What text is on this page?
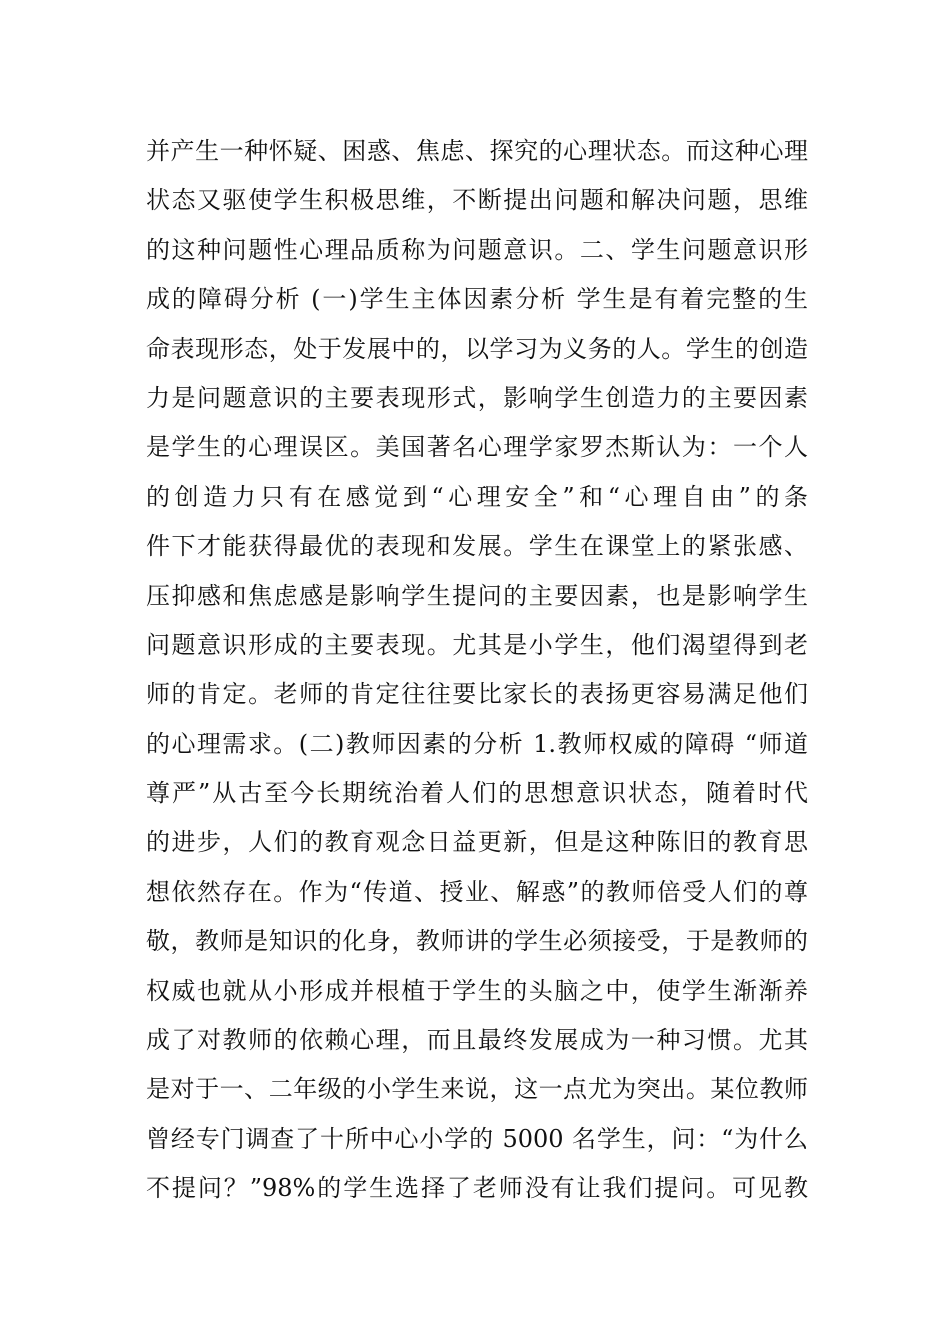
并产生一种怀疑、困惑、焦虑、探究的心理状态。而这种心理
状态又驱使学生积极思维，不断提出问题和解决问题，思维
的这种问题性心理品质称为问题意识。二、学生问题意识形
成的障碍分析 (一)学生主体因素分析 学生是有着完整的生
命表现形态，处于发展中的，以学习为义务的人。学生的创造
力是问题意识的主要表现形式，影响学生创造力的主要因素
是学生的心理误区。美国著名心理学家罗杰斯认为：一个人
的创造力只有在感觉到“心理安全”和“心理自由”的条
件下才能获得最优的表现和发展。学生在课堂上的紧张感、
压抑感和焦虑感是影响学生提问的主要因素，也是影响学生
问题意识形成的主要表现。尤其是小学生，他们渴望得到老
师的肯定。老师的肯定往往要比家长的表扬更容易满足他们
的心理需求。(二)教师因素的分析 1.教师权威的障碍 “师道
尊严”从古至今长期统治着人们的思想意识状态，随着时代
的进步，人们的教育观念日益更新，但是这种陈旧的教育思
想依然存在。作为“传道、授业、解惑”的教师倍受人们的尊
敬，教师是知识的化身，教师讲的学生必须接受，于是教师的
权威也就从小形成并根植于学生的头脑之中，使学生渐渐养
成了对教师的依赖心理，而且最终发展成为一种习惯。尤其
是对于一、二年级的小学生来说，这一点尤为突出。某位教师
曾经专门调查了十所中心小学的 5000 名学生，问：“为什么
不提问？”98%的学生选择了老师没有让我们提问。可见教
